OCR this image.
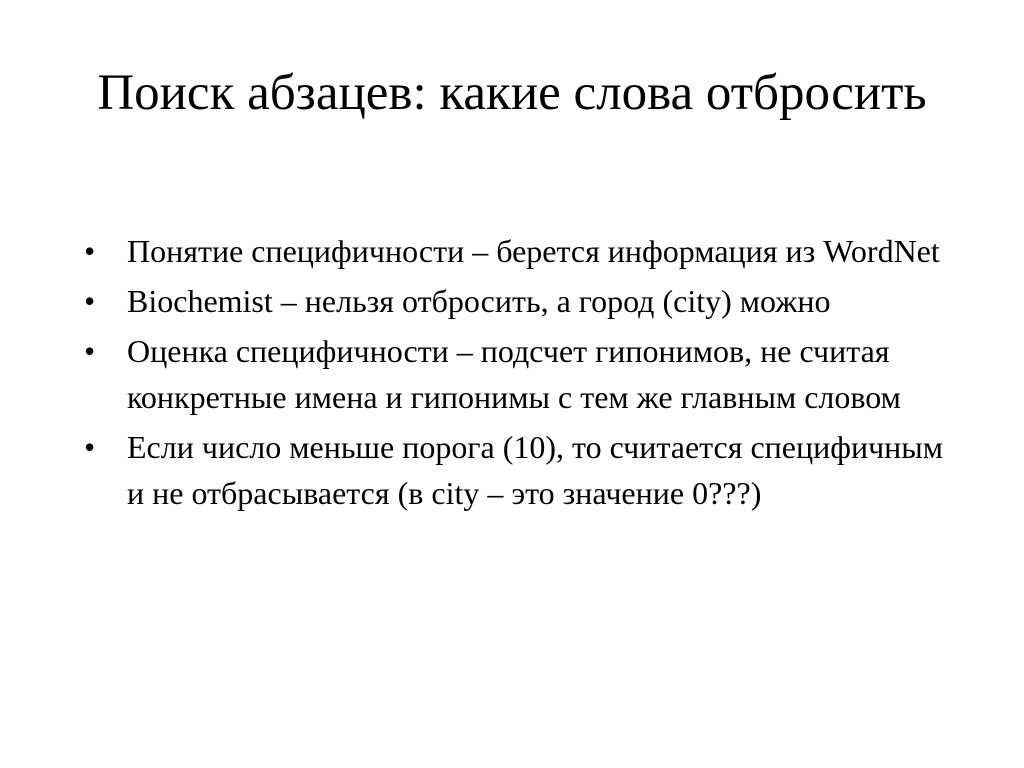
Поиск абзацев: какие слова отбросить
• Понятие специфичности – берется информация из WordNet
• Biochemist – нельзя отбросить, а город (city) можно
• Оценка специфичности – подсчет гипонимов, не считая конкретные имена и гипонимы с тем же главным словом
• Если число меньше порога (10), то считается специфичным и не отбрасывается (в city – это значение 0???)
